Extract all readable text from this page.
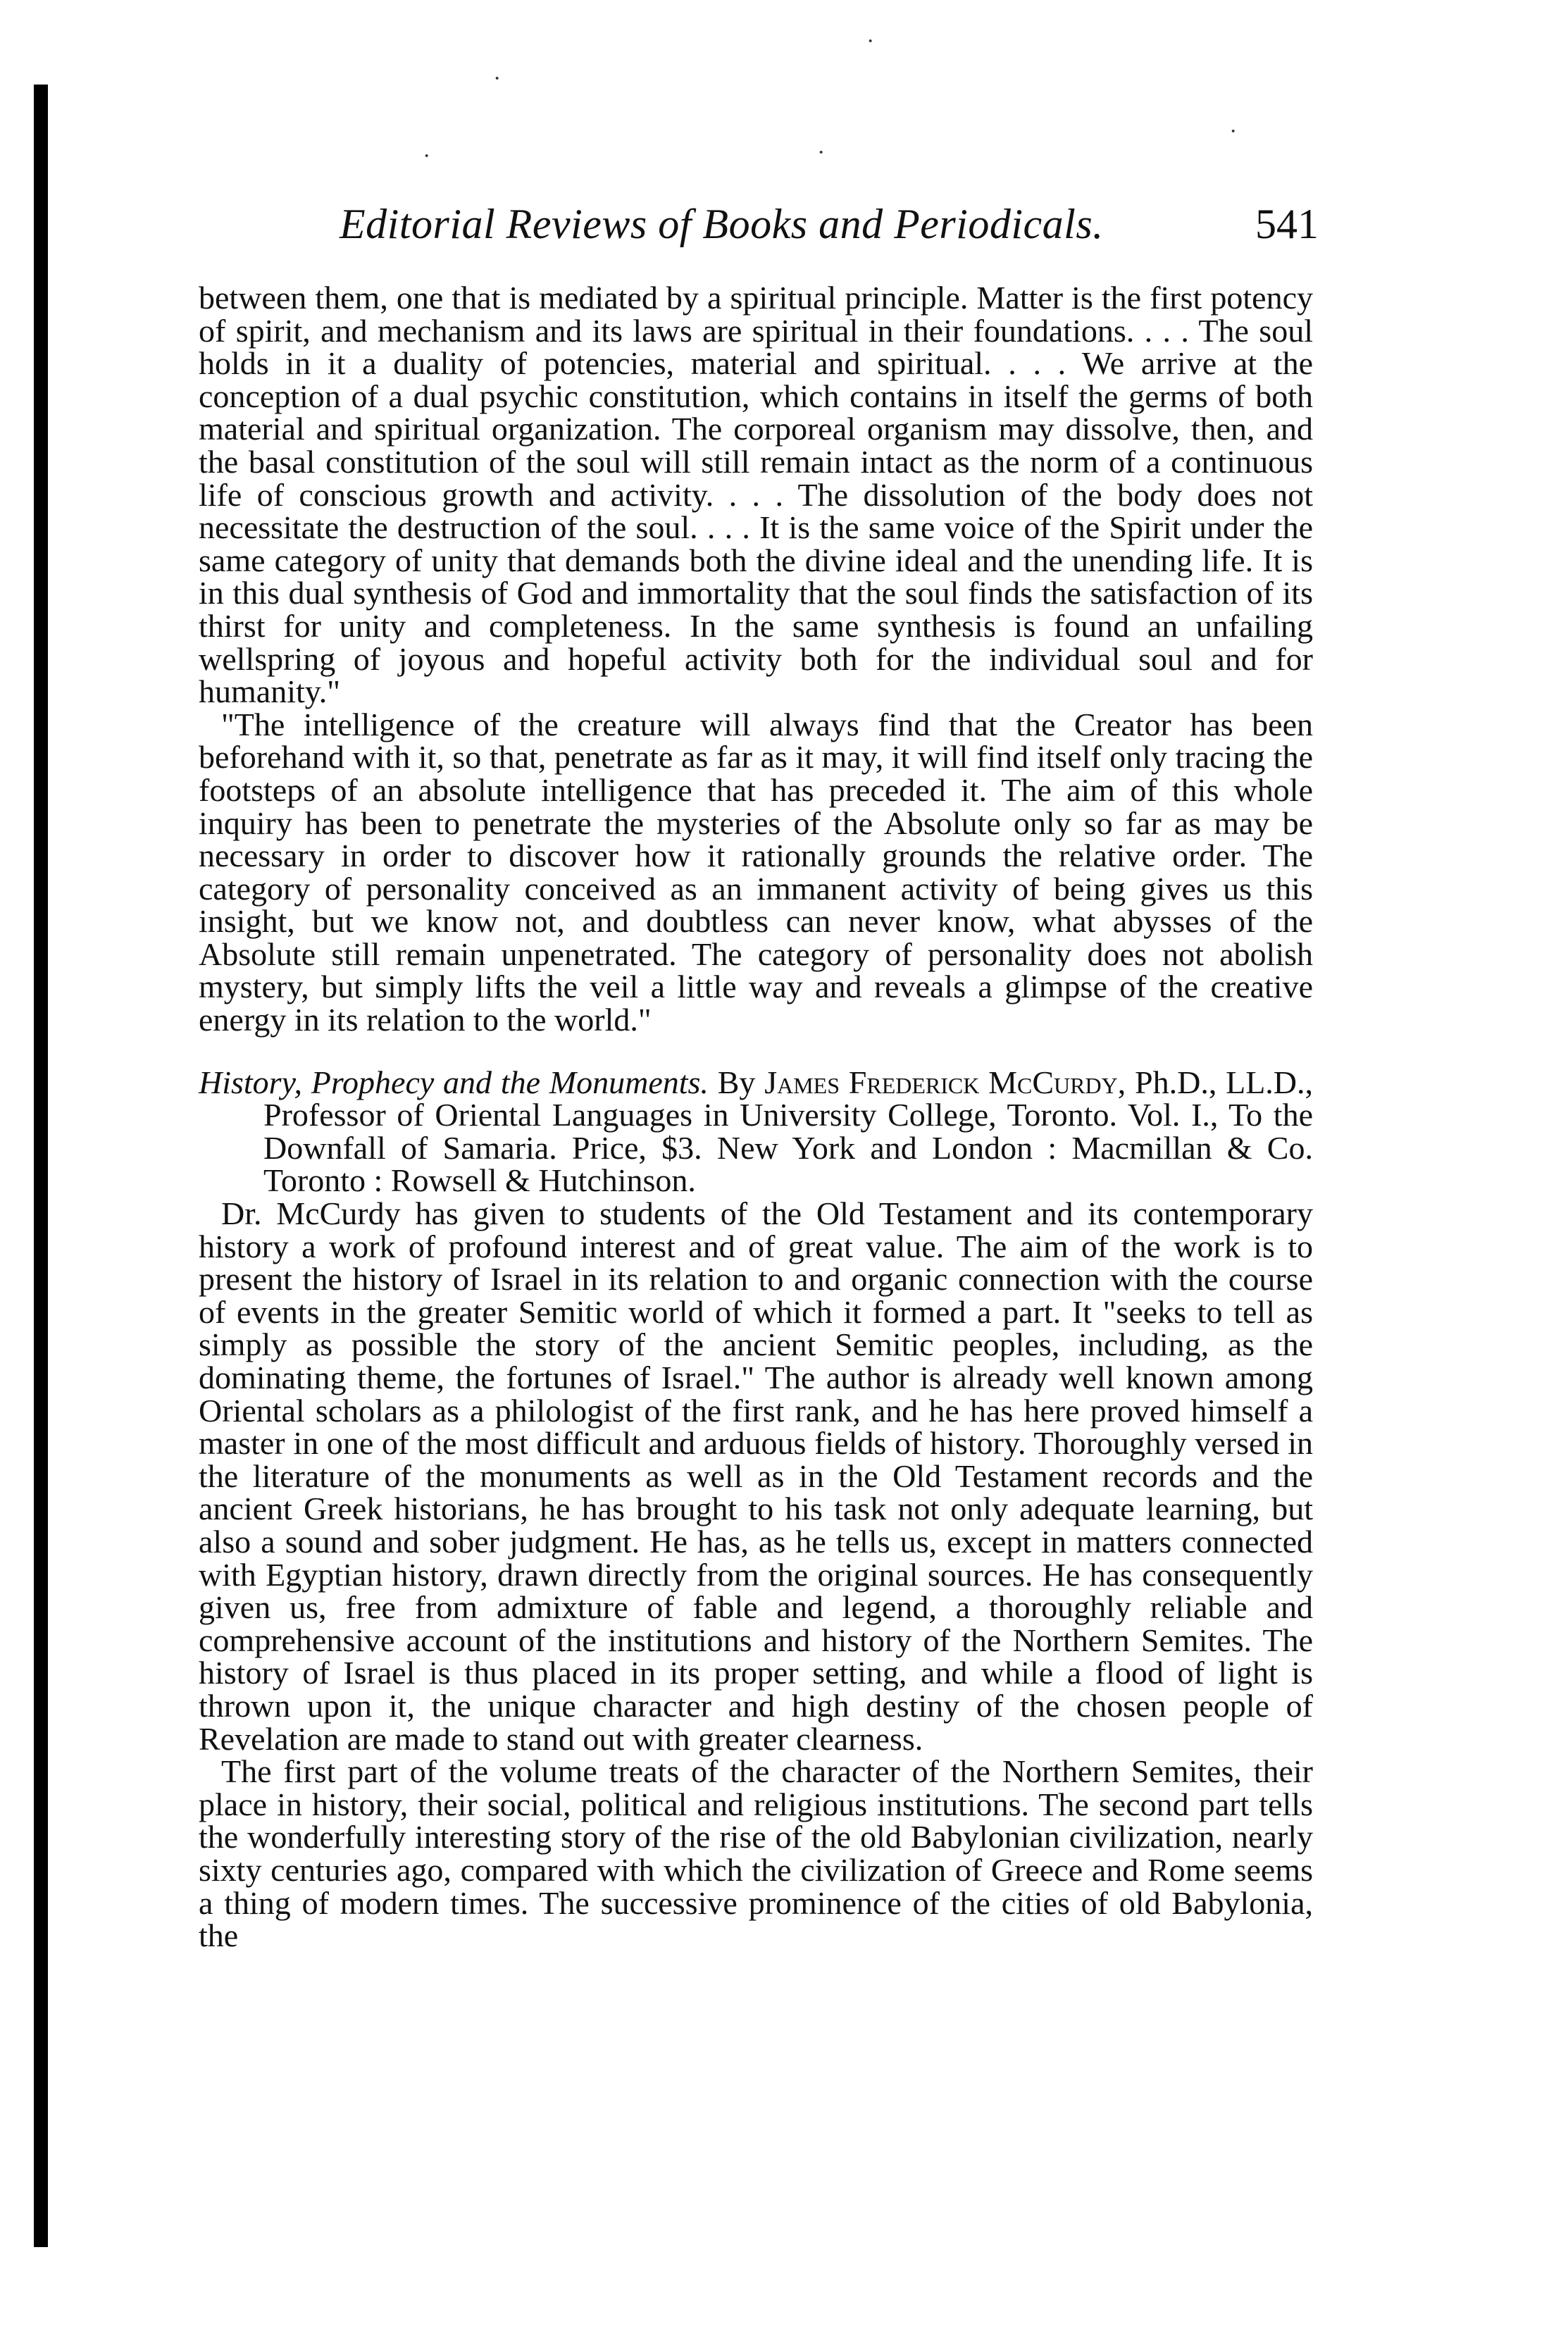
·
·
·
·	·
Editorial Reviews of Books and Periodicals.	541

between them, one that is mediated by a spiritual principle. Matter is the first potency of spirit, and mechanism and its laws are spiritual in their foundations. . . . The soul holds in it a duality of potencies, material and spiritual. . . . We arrive at the conception of a dual psychic constitution, which contains in itself the germs of both material and spiritual organization. The corporeal organism may dissolve, then, and the basal constitution of the soul will still remain intact as the norm of a continuous life of conscious growth and activity. . . . The dissolution of the body does not necessitate the destruction of the soul. . . . It is the same voice of the Spirit under the same category of unity that demands both the divine ideal and the unending life. It is in this dual synthesis of God and immortality that the soul finds the satisfaction of its thirst for unity and completeness. In the same synthesis is found an unfailing wellspring of joyous and hopeful activity both for the individual soul and for humanity."

"The intelligence of the creature will always find that the Creator has been beforehand with it, so that, penetrate as far as it may, it will find itself only tracing the footsteps of an absolute intelligence that has preceded it. The aim of this whole inquiry has been to penetrate the mysteries of the Absolute only so far as may be necessary in order to discover how it rationally grounds the relative order. The category of personality conceived as an immanent activity of being gives us this insight, but we know not, and doubtless can never know, what abysses of the Absolute still remain unpenetrated. The category of personality does not abolish mystery, but simply lifts the veil a little way and reveals a glimpse of the creative energy in its relation to the world."

History, Prophecy and the Monuments. By James Frederick McCurdy, Ph.D., LL.D., Professor of Oriental Languages in University College, Toronto. Vol. I., To the Downfall of Samaria. Price, $3. New York and London : Macmillan & Co. Toronto : Rowsell & Hutchinson.

Dr. McCurdy has given to students of the Old Testament and its contemporary history a work of profound interest and of great value. The aim of the work is to present the history of Israel in its relation to and organic connection with the course of events in the greater Semitic world of which it formed a part. It "seeks to tell as simply as possible the story of the ancient Semitic peoples, including, as the dominating theme, the fortunes of Israel." The author is already well known among Oriental scholars as a philologist of the first rank, and he has here proved himself a master in one of the most difficult and arduous fields of history. Thoroughly versed in the literature of the monuments as well as in the Old Testament records and the ancient Greek historians, he has brought to his task not only adequate learning, but also a sound and sober judgment. He has, as he tells us, except in matters connected with Egyptian history, drawn directly from the original sources. He has consequently given us, free from admixture of fable and legend, a thoroughly reliable and comprehensive account of the institutions and history of the Northern Semites. The history of Israel is thus placed in its proper setting, and while a flood of light is thrown upon it, the unique character and high destiny of the chosen people of Revelation are made to stand out with greater clearness.

The first part of the volume treats of the character of the Northern Semites, their place in history, their social, political and religious institutions. The second part tells the wonderfully interesting story of the rise of the old Babylonian civilization, nearly sixty centuries ago, compared with which the civilization of Greece and Rome seems a thing of modern times. The successive prominence of the cities of old Babylonia, the
